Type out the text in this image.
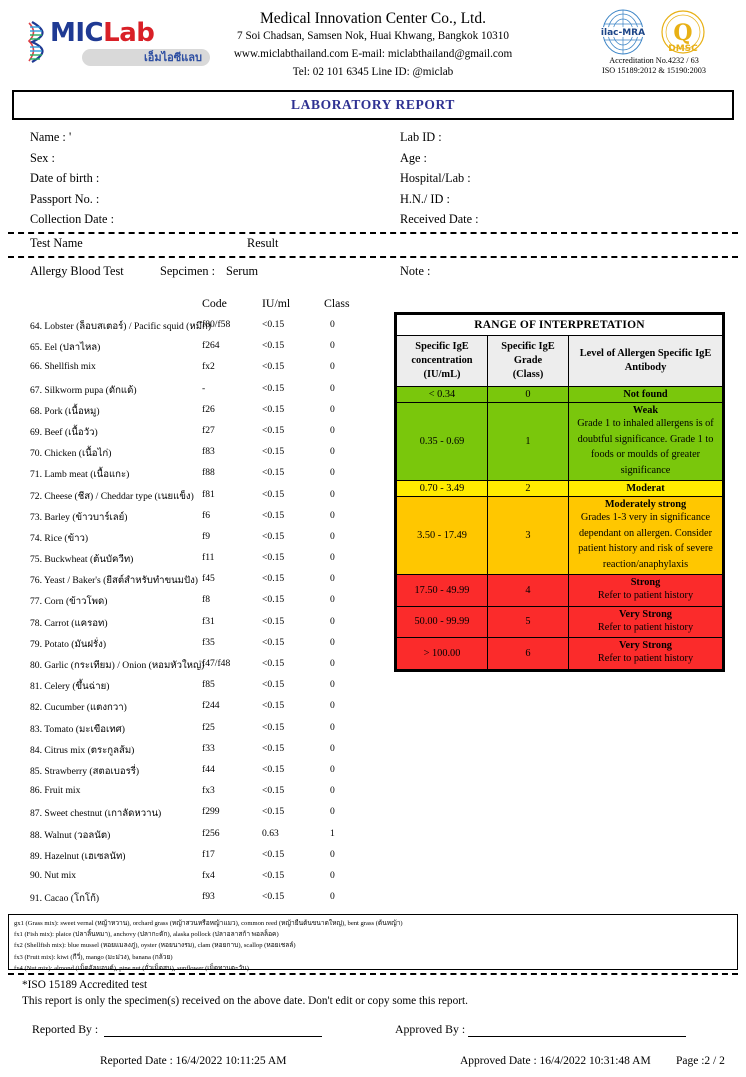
MICLab
เอ็มไอซีแลบ
Medical Innovation Center Co., Ltd.
7 Soi Chadsan, Samsen Nok, Huai Khwang, Bangkok 10310
www.miclabthailand.com E-mail: miclabthailand@gmail.com
Tel: 02 101 6345 Line ID: @miclab
ilac-MRA Q
DMSC
Accreditation No.4232 / 63
ISO 15189:2012 & 15190:2003
LABORATORY REPORT
Name : '
Sex :
Date of birth :
Passport No. :
Collection Date :
Lab ID :
Age :
Hospital/Lab :
H.N./ ID :
Received Date :
Test Name	Result
Allergy Blood Test	Sepcimen : Serum	Note :
Code	IU/ml	Class
64. Lobster (ล็อบสเตอร์) / Pacific squid (หมึก)
f80/f58	<0.15	0
65. Eel (ปลาไหล)	f264	<0.15	0
66. Shellfish mix	fx2	<0.15	0
67. Silkworm pupa (ดักแด้)	-	<0.15	0
68. Pork (เนื้อหมู)	f26	<0.15	0
69. Beef (เนื้อวัว)	f27	<0.15	0
70. Chicken (เนื้อไก่)	f83	<0.15	0
71. Lamb meat (เนื้อแกะ)	f88	<0.15	0
72. Cheese (ชีส) / Cheddar type (เนยแข็ง) f81	<0.15	0
73. Barley (ข้าวบาร์เลย์)	f6	<0.15	0
74. Rice (ข้าว)	f9	<0.15	0
75. Buckwheat (ต้นบัควีท)	f11	<0.15	0
76. Yeast / Baker's (ยีสต์สำหรับทำขนมปัง) f45	<0.15	0
77. Corn (ข้าวโพด)	f8	<0.15	0
78. Carrot (แครอท)	f31	<0.15	0
79. Potato (มันฝรั่ง)	f35	<0.15	0
80. Garlic (กระเทียม) / Onion (หอมหัวใหญ่)
f47/f48	<0.15	0
81. Celery (ขึ้นฉ่าย)	f85	<0.15	0
82. Cucumber (แตงกวา)	f244	<0.15	0
83. Tomato (มะเขือเทศ)	f25	<0.15	0
84. Citrus mix (ตระกูลส้ม)	f33	<0.15	0
85. Strawberry (สตอเบอรรี่)	f44	<0.15	0
86. Fruit mix	fx3	<0.15	0
87. Sweet chestnut (เกาลัดหวาน)	f299	<0.15	0
88. Walnut (วอลนัต)	f256	0.63	1
89. Hazelnut (เฮเซลนัท)	f17	<0.15	0
90. Nut mix	fx4	<0.15	0
91. Cacao (โกโก้)	f93	<0.15	0
RANGE OF INTERPRETATION		

Specific IgE
concentration
(IU/mL)

Specific IgE
Grade
(Class)

Level of Allergen Specific IgE
Antibody

< 0.34	0	Not found

0.35 - 0.69	1	Weak
Grade 1 to inhaled allergens is of doubtful significance. Grade 1 to foods or moulds of greater significance

0.70 - 3.49	2	Moderat

3.50 - 17.49	3	Moderately strong
Grades 1-3 very in significance dependant on allergen. Consider patient history and risk of severe reaction/anaphylaxis

17.50 - 49.99	4	Strong
Refer to patient history

50.00 - 99.99	5	Very Strong
Refer to patient history

> 100.00	6	Very Strong
Refer to patient history
gx1 (Grass mix): sweet vernal (หญ้าหวาน), orchard grass (หญ้าสวนหรือหญ้าแมว), common reed (หญ้ายืนต้นขนาดใหญ่), bent grass (ต้นหญ้า)
fx1 (Fish mix): plaice (ปลาลิ้นหมา), anchovy (ปลากะตัก), alaska pollock (ปลาอลาสก้า พอลล็อค)
fx2 (Shellfish mix): blue mussel (หอยแมลงภู่), oyster (หอยนางรม), clam (หอยกาบ), scallop (หอยเชลล์)
fx3 (Fruit mix): kiwi (กีวี่), mango (มะม่วง), banana (กล้วย)
fx4 (Nut mix): almond (เม็ดอัลมอนด์), pine nut (ถั่วเม็ดสน), sunflower (เม็ดทานตะวัน)
*ISO 15189 Accredited test
This report is only the specimen(s) received on the above date. Don't edit or copy some this report.
Reported By :	Approved By :
Reported Date : 16/4/2022 10:11:25 AM	Approved Date : 16/4/2022 10:31:48 AM Page :2 / 2
